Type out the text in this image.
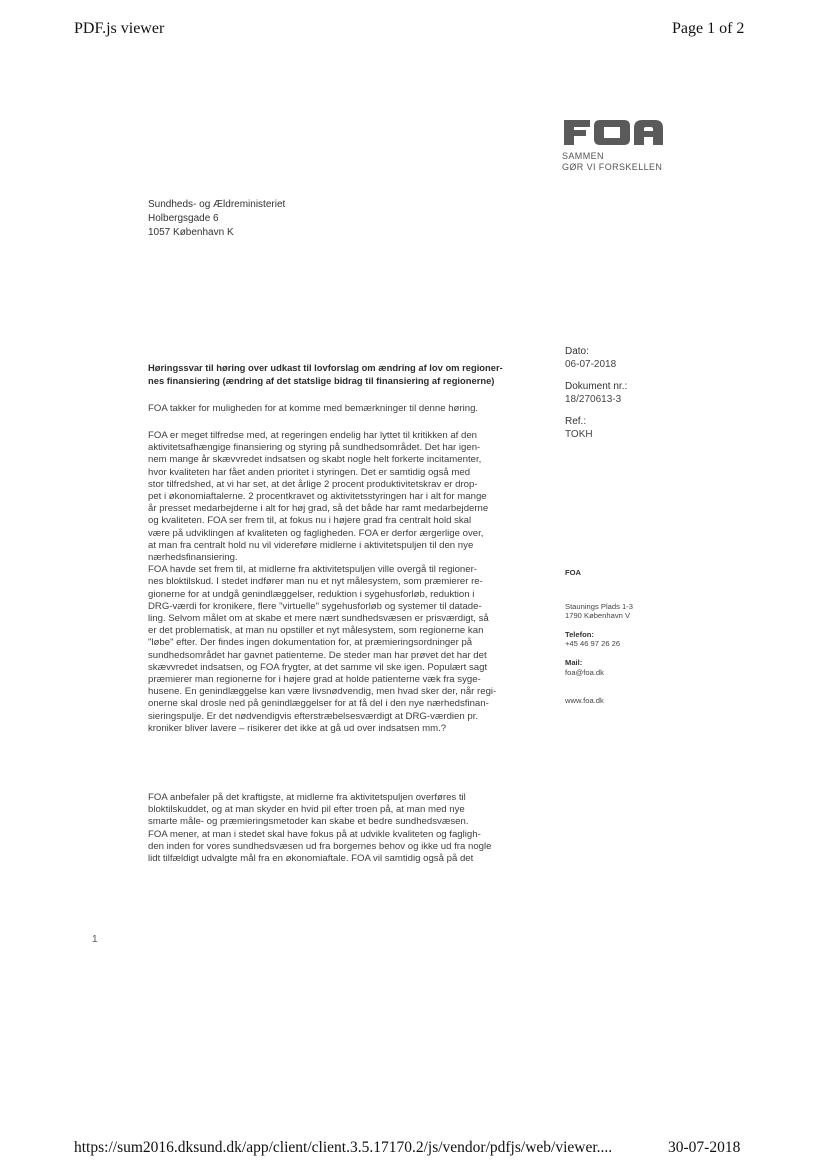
PDF.js viewer	Page 1 of 2
SAMMEN
GØR VI FORSKELLEN
Sundheds- og Ældreministeriet
Holbergsgade 6
1057 København K
Høringssvar til høring over udkast til lovforslag om ændring af lov om regioner-
nes finansiering (ændring af det statslige bidrag til finansiering af regionerne)
FOA takker for muligheden for at komme med bemærkninger til denne høring.
FOA er meget tilfredse med, at regeringen endelig har lyttet til kritikken af den
aktivitetsafhængige finansiering og styring på sundhedsområdet. Det har igen-
nem mange år skævvredet indsatsen og skabt nogle helt forkerte incitamenter,
hvor kvaliteten har fået anden prioritet i styringen. Det er samtidig også med
stor tilfredshed, at vi har set, at det årlige 2 procent produktivitetskrav er drop-
pet i økonomiaftalerne. 2 procentkravet og aktivitetsstyringen har i alt for mange
år presset medarbejderne i alt for høj grad, så det både har ramt medarbejderne
og kvaliteten. FOA ser frem til, at fokus nu i højere grad fra centralt hold skal
være på udviklingen af kvaliteten og fagligheden. FOA er derfor ærgerlige over,
at man fra centralt hold nu vil videreføre midlerne i aktivitetspuljen til den nye
nærhedsfinansiering.
FOA havde set frem til, at midlerne fra aktivitetspuljen ville overgå til regioner-
nes bloktilskud. I stedet indfører man nu et nyt målesystem, som præmierer re-
gionerne for at undgå genindlæggelser, reduktion i sygehusforløb, reduktion i
DRG-værdi for kronikere, flere "virtuelle" sygehusforløb og systemer til datade-
ling. Selvom målet om at skabe et mere nært sundhedsvæsen er prisværdigt, så
er det problematisk, at man nu opstiller et nyt målesystem, som regionerne kan
"løbe" efter. Der findes ingen dokumentation for, at præmieringsordninger på
sundhedsområdet har gavnet patienterne. De steder man har prøvet det har det
skævvredet indsatsen, og FOA frygter, at det samme vil ske igen. Populært sagt
præmierer man regionerne for i højere grad at holde patienterne væk fra syge-
husene. En genindlæggelse kan være livsnødvendig, men hvad sker der, når regi-
onerne skal drosle ned på genindlæggelser for at få del i den nye nærhedsfinan-
sieringspulje. Er det nødvendigvis efterstræbelsesværdigt at DRG-værdien pr.
kroniker bliver lavere – risikerer det ikke at gå ud over indsatsen mm.?
FOA anbefaler på det kraftigste, at midlerne fra aktivitetspuljen overføres til
bloktilskuddet, og at man skyder en hvid pil efter troen på, at man med nye
smarte måle- og præmieringsmetoder kan skabe et bedre sundhedsvæsen.
FOA mener, at man i stedet skal have fokus på at udvikle kvaliteten og fagligh-
den inden for vores sundhedsvæsen ud fra borgernes behov og ikke ud fra nogle
lidt tilfældigt udvalgte mål fra en økonomiaftale. FOA vil samtidig også på det
Dato:
06-07-2018
Dokument nr.:
18/270613-3
Ref.:
TOKH
FOA
Staunings Plads 1-3
1790 København V
Telefon:
+45 46 97 26 26
Mail:
foa@foa.dk
www.foa.dk
1
https://sum2016.dksund.dk/app/client/client.3.5.17170.2/js/vendor/pdfjs/web/viewer....	30-07-2018
